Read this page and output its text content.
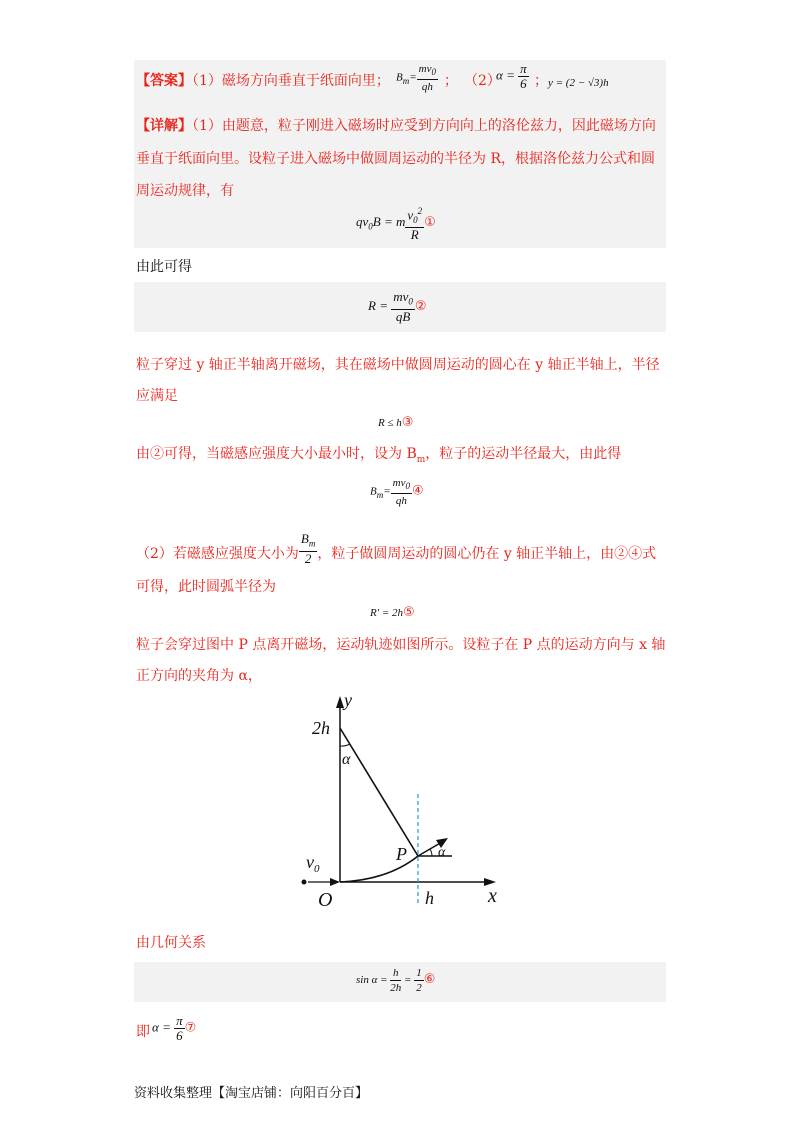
【答案】（1）磁场方向垂直于纸面向里； $B_m= \frac{mv_0}{qh}$ ； （2）
$\alpha = \frac{\pi}{6}$ ； y = (2 − √3)h
【详解】（1）由题意，粒子刚进入磁场时应受到方向向上的洛伦兹力，因此磁场方向
垂直于纸面向里。设粒子进入磁场中做圆周运动的半径为 R，根据洛伦兹力公式和圆
周运动规律，有
$qv_0B = m \frac{v_0^2}{R}$ ①
由此可得
$R = \frac{mv_0}{qB}$ ②
粒子穿过 y 轴正半轴离开磁场，其在磁场中做圆周运动的圆心在 y 轴正半轴上，半径
应满足
R ≤ h③
由②可得，当磁感应强度大小最小时，设为 $B_m$，粒子的运动半径最大，由此得
$B_m= \frac{mv_0}{qh}$ ④
（2）若磁感应强度大小为 $\frac{B_m}{2}$ ，粒子做圆周运动的圆心仍在 y 轴正半轴上，由②④式
可得，此时圆弧半径为
R' = 2h⑤
粒子会穿过图中 P 点离开磁场，运动轨迹如图所示。设粒子在 P 点的运动方向与 x 轴
正方向的夹角为 α，
y
x
O
2h
h
P
$v_0$
α
α
由几何关系
$\sin \alpha = \frac{h}{2h} = \frac{1}{2}$ ⑥
即 $\alpha = \frac{\pi}{6}$ ⑦
资料收集整理【淘宝店铺：向阳百分百】
